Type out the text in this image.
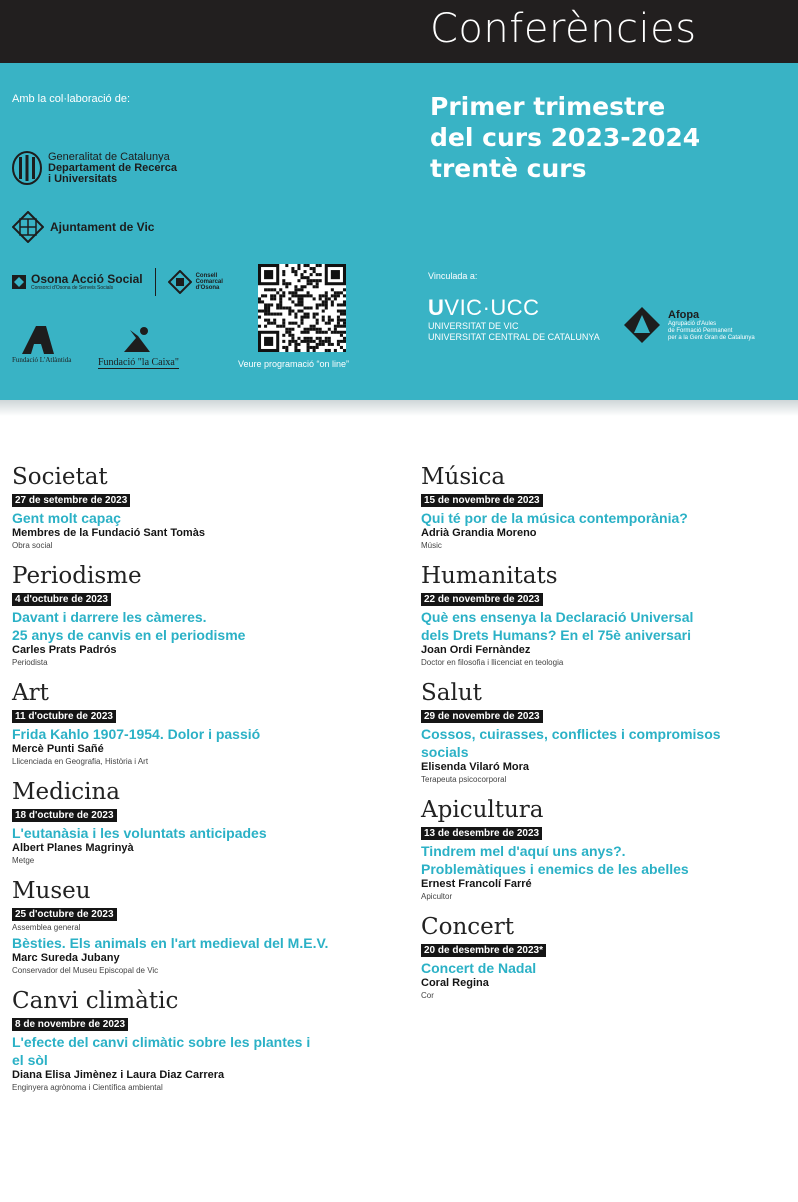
Conferències
Amb la col·laboració de:
Generalitat de Catalunya
Departament de Recerca
i Universitats
Ajuntament de Vic
Osona Acció Social
Consorci d'Osona de Serveis Socials
Consell
Comarcal
d'Osona
Fundació L'Atlàntida	Fundació "la Caixa"	Veure programació “on line”
Primer trimestre
del curs 2023-2024
trentè curs
Vinculada a:
UVIC·UCC
UNIVERSITAT DE VIC
UNIVERSITAT CENTRAL DE CATALUNYA
Afopa
Agrupació d'Aules
de Formació Permanent
per a la Gent Gran de Catalunya
Societat
27 de setembre de 2023
Gent molt capaç
Membres de la Fundació Sant Tomàs
Obra social
Periodisme
4 d'octubre de 2023
Davant i darrere les càmeres.
25 anys de canvis en el periodisme
Carles Prats Padrós
Periodista
Art
11 d'octubre de 2023
Frida Kahlo 1907-1954. Dolor i passió
Mercè Punti Sañé
Llicenciada en Geografia, Història i Art
Medicina
18 d'octubre de 2023
L'eutanàsia i les voluntats anticipades
Albert Planes Magrinyà
Metge
Museu
25 d'octubre de 2023
Assemblea general
Bèsties. Els animals en l'art medieval del M.E.V.
Marc Sureda Jubany
Conservador del Museu Episcopal de Vic
Canvi climàtic
8 de novembre de 2023
L'efecte del canvi climàtic sobre les plantes i
el sòl
Diana Elisa Jimènez i Laura Diaz Carrera
Enginyera agrònoma i Científica ambiental
Música
15 de novembre de 2023
Qui té por de la música contemporània?
Adrià Grandia Moreno
Músic
Humanitats
22 de novembre de 2023
Què ens ensenya la Declaració Universal
dels Drets Humans? En el 75è aniversari
Joan Ordi Fernàndez
Doctor en filosofia i llicenciat en teologia
Salut
29 de novembre de 2023
Cossos, cuirasses, conflictes i compromisos
socials
Elisenda Vilaró Mora
Terapeuta psicocorporal
Apicultura
13 de desembre de 2023
Tindrem mel d'aquí uns anys?.
Problemàtiques i enemics de les abelles
Ernest Francolí Farré
Apicultor
Concert
20 de desembre de 2023*
Concert de Nadal
Coral Regina
Cor
